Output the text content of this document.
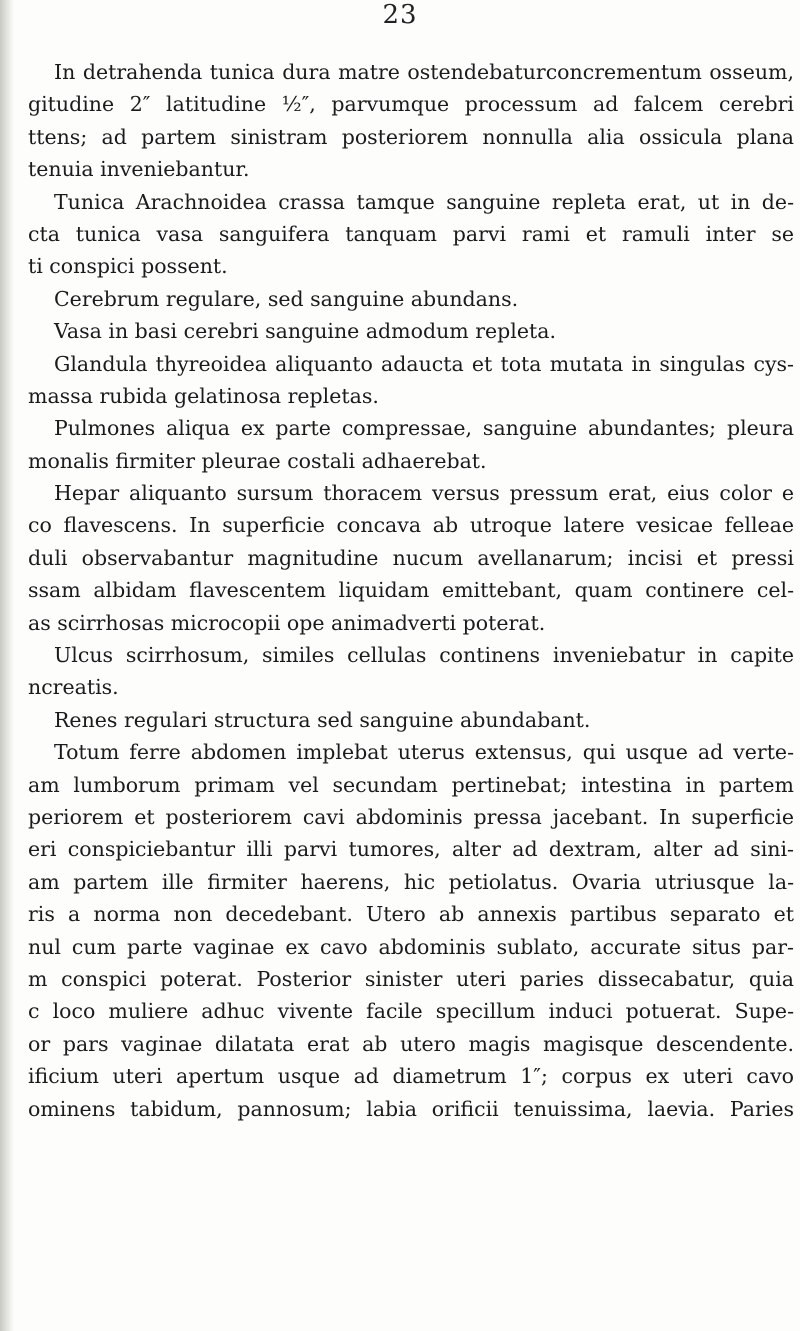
23
In detrahenda tunica dura matre ostendebaturconcrementum osseum,
gitudine 2″ latitudine ½″, parvumque processum ad falcem cerebri
ttens; ad partem sinistram posteriorem nonnulla alia ossicula plana
tenuia inveniebantur.
Tunica Arachnoidea crassa tamque sanguine repleta erat, ut in de-
cta tunica vasa sanguifera tanquam parvi rami et ramuli inter se
ti conspici possent.
Cerebrum regulare, sed sanguine abundans.
Vasa in basi cerebri sanguine admodum repleta.
Glandula thyreoidea aliquanto adaucta et tota mutata in singulas cys-
massa rubida gelatinosa repletas.
Pulmones aliqua ex parte compressae, sanguine abundantes; pleura
monalis firmiter pleurae costali adhaerebat.
Hepar aliquanto sursum thoracem versus pressum erat, eius color e
co flavescens. In superficie concava ab utroque latere vesicae felleae
duli observabantur magnitudine nucum avellanarum; incisi et pressi
ssam albidam flavescentem liquidam emittebant, quam continere cel-
as scirrhosas microcopii ope animadverti poterat.
Ulcus scirrhosum, similes cellulas continens inveniebatur in capite
ncreatis.
Renes regulari structura sed sanguine abundabant.
Totum ferre abdomen implebat uterus extensus, qui usque ad verte-
am lumborum primam vel secundam pertinebat; intestina in partem
periorem et posteriorem cavi abdominis pressa jacebant. In superficie
eri conspiciebantur illi parvi tumores, alter ad dextram, alter ad sini-
am partem ille firmiter haerens, hic petiolatus. Ovaria utriusque la-
ris a norma non decedebant. Utero ab annexis partibus separato et
nul cum parte vaginae ex cavo abdominis sublato, accurate situs par-
m conspici poterat. Posterior sinister uteri paries dissecabatur, quia
c loco muliere adhuc vivente facile specillum induci potuerat. Supe-
or pars vaginae dilatata erat ab utero magis magisque descendente.
ificium uteri apertum usque ad diametrum 1″; corpus ex uteri cavo
ominens tabidum, pannosum; labia orificii tenuissima, laevia. Paries
